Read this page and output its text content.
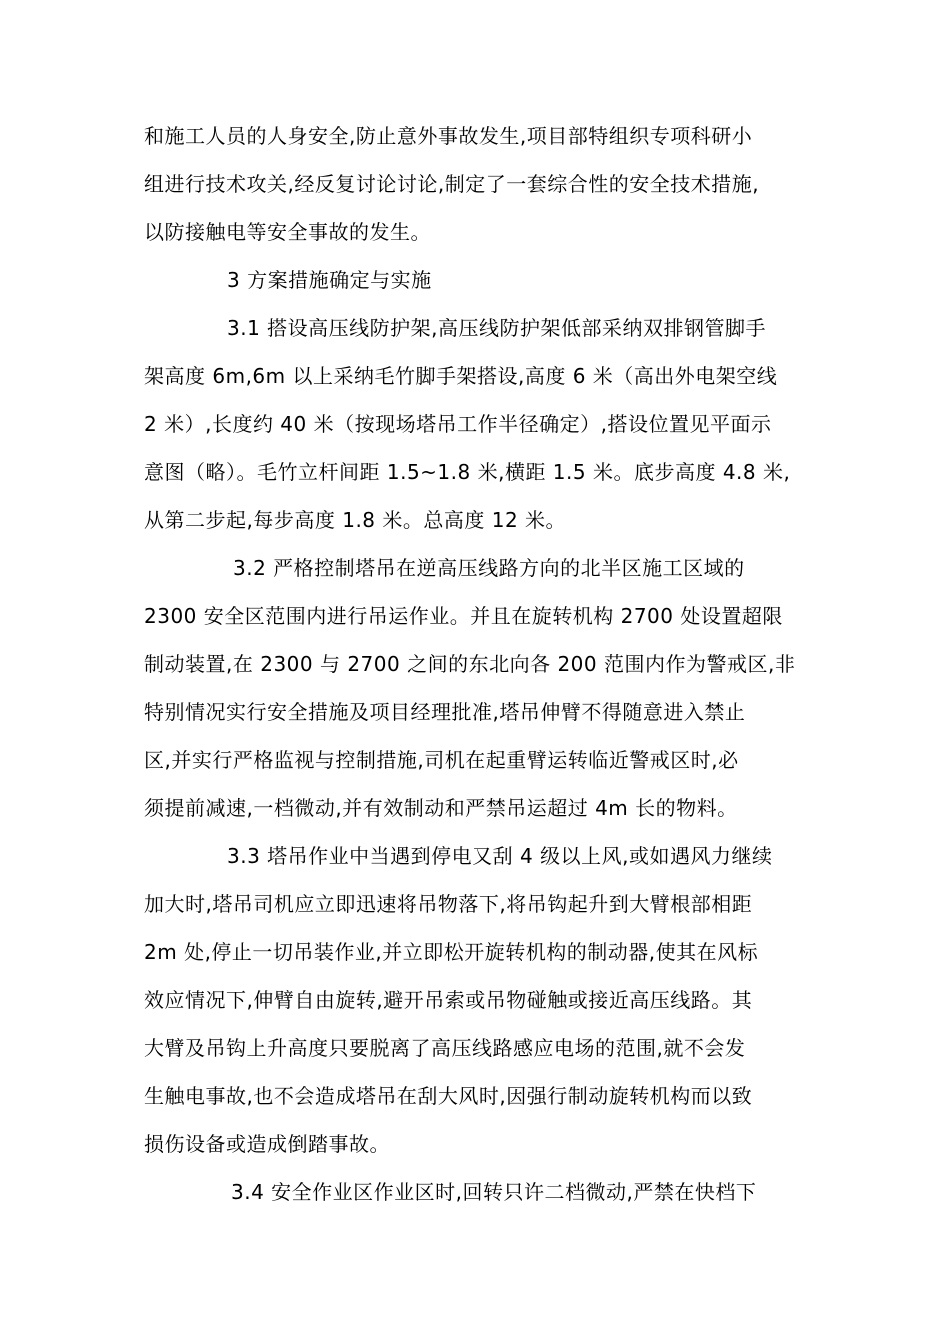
和施工人员的人身安全,防止意外事故发生,项目部特组织专项科研小
组进行技术攻关,经反复讨论讨论,制定了一套综合性的安全技术措施,
以防接触电等安全事故的发生。
3 方案措施确定与实施
3.1 搭设高压线防护架,高压线防护架低部采纳双排钢管脚手
架高度 6m,6m 以上采纳毛竹脚手架搭设,高度 6 米（高出外电架空线
2 米）,长度约 40 米（按现场塔吊工作半径确定）,搭设位置见平面示
意图（略）。毛竹立杆间距 1.5~1.8 米,横距 1.5 米。底步高度 4.8 米,
从第二步起,每步高度 1.8 米。总高度 12 米。
3.2 严格控制塔吊在逆高压线路方向的北半区施工区域的
2300 安全区范围内进行吊运作业。并且在旋转机构 2700 处设置超限
制动装置,在 2300 与 2700 之间的东北向各 200 范围内作为警戒区,非
特别情况实行安全措施及项目经理批准,塔吊伸臂不得随意进入禁止
区,并实行严格监视与控制措施,司机在起重臂运转临近警戒区时,必
须提前减速,一档微动,并有效制动和严禁吊运超过 4m 长的物料。
3.3 塔吊作业中当遇到停电又刮 4 级以上风,或如遇风力继续
加大时,塔吊司机应立即迅速将吊物落下,将吊钩起升到大臂根部相距
2m 处,停止一切吊装作业,并立即松开旋转机构的制动器,使其在风标
效应情况下,伸臂自由旋转,避开吊索或吊物碰触或接近高压线路。其
大臂及吊钩上升高度只要脱离了高压线路感应电场的范围,就不会发
生触电事故,也不会造成塔吊在刮大风时,因强行制动旋转机构而以致
损伤设备或造成倒踏事故。
3.4 安全作业区作业区时,回转只许二档微动,严禁在快档下
